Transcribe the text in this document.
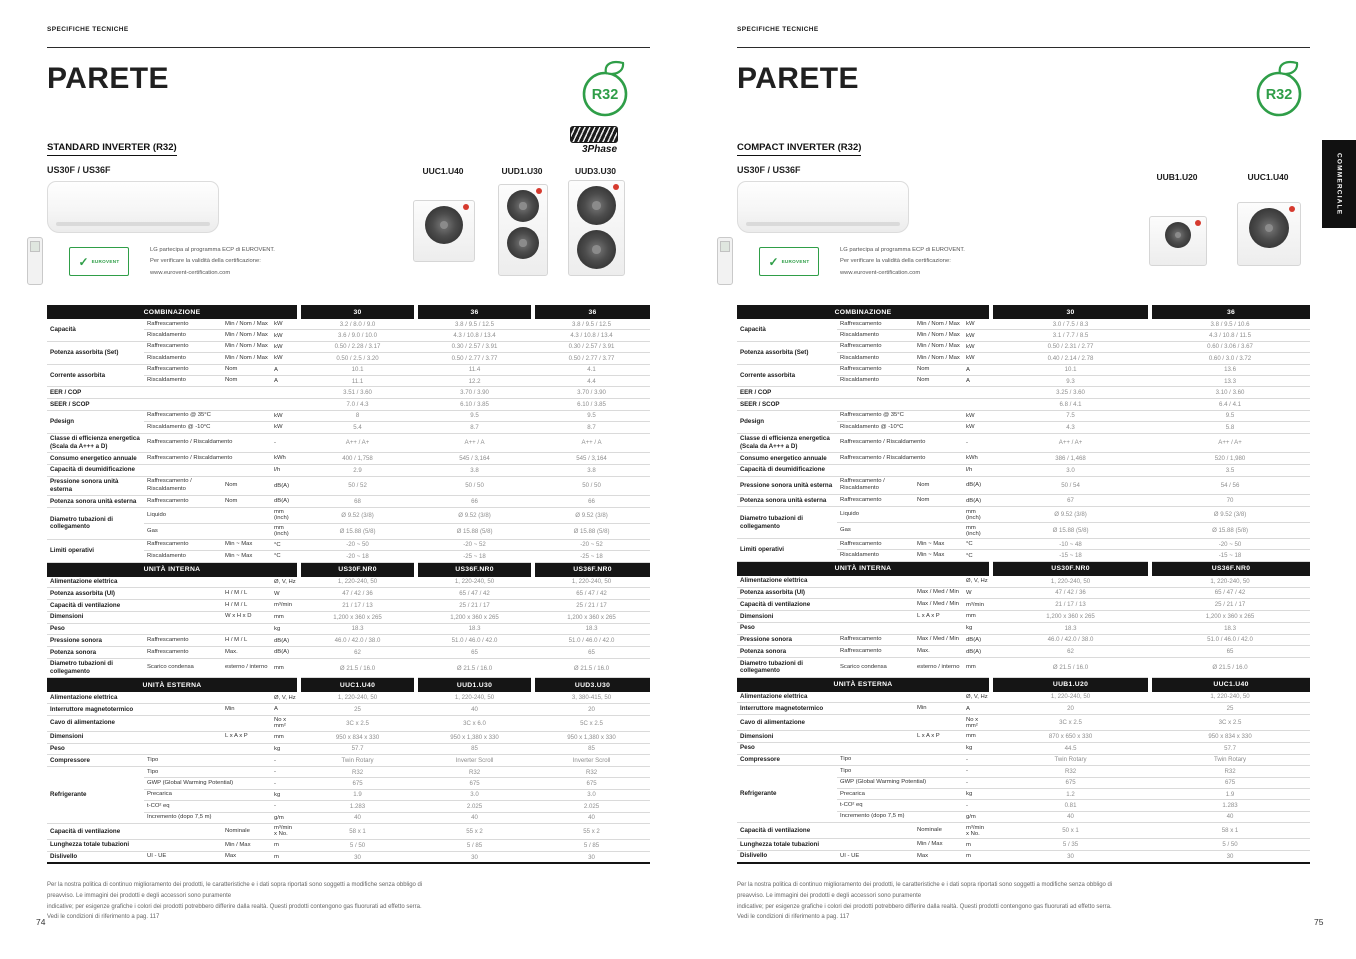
SPECIFICHE TECNICHE
PARETE	R32
3Phase
STANDARD INVERTER (R32)
US30F / US36F
✓ EUROVENT
LG partecipa al programma ECP di EUROVENT.
Per verificare la validità della certificazione:
www.eurovent-certification.com
UUC1.U40	UUD1.U30	UUD3.U30
COMBINAZIONE				30	36	36
Capacità	Raffrescamento	Min / Nom / Max	kW	3.2 / 8.0 / 9.0	3.8 / 9.5 / 12.5	3.8 / 9.5 / 12.5
	Riscaldamento	Min / Nom / Max	kW	3.6 / 9.0 / 10.0	4.3 / 10.8 / 13.4	4.3 / 10.8 / 13.4
Potenza assorbita (Set)	Raffrescamento	Min / Nom / Max	kW	0.50 / 2.28 / 3.17	0.30 / 2.57 / 3.91	0.30 / 2.57 / 3.91
	Riscaldamento	Min / Nom / Max	kW	0.50 / 2.5 / 3.20	0.50 / 2.77 / 3.77	0.50 / 2.77 / 3.77
Corrente assorbita	Raffrescamento	Nom	A	10.1	11.4	4.1
	Riscaldamento	Nom	A	11.1	12.2	4.4
EER / COP				3.51 / 3.60	3.70 / 3.90	3.70 / 3.90
SEER / SCOP				7.0 / 4.3	6.10 / 3.85	6.10 / 3.85
Pdesign	Raffrescamento @ 35°C		kW	8	9.5	9.5
	Riscaldamento @ -10°C		kW	5.4	8.7	8.7
Classe di efficienza energetica (Scala da A+++ a D)	Raffrescamento / Riscaldamento		-	A++ / A+	A++ / A	A++ / A
Consumo energetico annuale	Raffrescamento / Riscaldamento		kWh	400 / 1,758	545 / 3,164	545 / 3,164
Capacità di deumidificazione			l/h	2.9	3.8	3.8
Pressione sonora unità esterna	Raffrescamento / Riscaldamento	Nom	dB(A)	50 / 52	50 / 50	50 / 50
Potenza sonora unità esterna	Raffrescamento	Nom	dB(A)	68	66	66
Diametro tubazioni di collegamento	Liquido		mm (inch)	Ø 9.52 (3/8)	Ø 9.52 (3/8)	Ø 9.52 (3/8)
	Gas		mm (inch)	Ø 15.88 (5/8)	Ø 15.88 (5/8)	Ø 15.88 (5/8)
Limiti operativi	Raffrescamento	Min ~ Max	°C	-20 ~ 50	-20 ~ 52	-20 ~ 52
	Riscaldamento	Min ~ Max	°C	-20 ~ 18	-25 ~ 18	-25 ~ 18
UNITÀ INTERNA				US30F.NR0	US36F.NR0	US36F.NR0
Alimentazione elettrica			Ø, V, Hz	1, 220-240, 50	1, 220-240, 50	1, 220-240, 50
Potenza assorbita (UI)		H / M / L	W	47 / 42 / 36	65 / 47 / 42	65 / 47 / 42
Capacità di ventilazione		H / M / L	m³/min	21 / 17 / 13	25 / 21 / 17	25 / 21 / 17
Dimensioni		W x H x D	mm	1,200 x 360 x 265	1,200 x 360 x 265	1,200 x 360 x 265
Peso			kg	18.3	18.3	18.3
Pressione sonora	Raffrescamento	H / M / L	dB(A)	46.0 / 42.0 / 38.0	51.0 / 46.0 / 42.0	51.0 / 46.0 / 42.0
Potenza sonora	Raffrescamento	Max.	dB(A)	62	65	65
Diametro tubazioni di collegamento	Scarico condensa	esterno / interno	mm	Ø 21.5 / 16.0	Ø 21.5 / 16.0	Ø 21.5 / 16.0
UNITÀ ESTERNA				UUC1.U40	UUD1.U30	UUD3.U30
Alimentazione elettrica			Ø, V, Hz	1, 220-240, 50	1, 220-240, 50	3, 380-415, 50
Interruttore magnetotermico		Min	A	25	40	20
Cavo di alimentazione			No x mm²	3C x 2.5	3C x 6.0	5C x 2.5
Dimensioni		L x A x P	mm	950 x 834 x 330	950 x 1,380 x 330	950 x 1,380 x 330
Peso			kg	57.7	85	85
Compressore	Tipo		-	Twin Rotary	Inverter Scroll	Inverter Scroll
Refrigerante	Tipo		-	R32	R32	R32
	GWP (Global Warming Potential)		-	675	675	675
	Precarica		kg	1.9	3.0	3.0
	t-CO² eq		-	1.283	2.025	2.025
	Incremento (dopo 7,5 m)		g/m	40	40	40
Capacità di ventilazione		Nominale	m³/min x No.	58 x 1	55 x 2	55 x 2
Lunghezza totale tubazioni		Min / Max	m	5 / 50	5 / 85	5 / 85
Dislivello	UI - UE	Max	m	30	30	30
Per la nostra politica di continuo miglioramento dei prodotti, le caratteristiche e i dati sopra riportati sono soggetti a modifiche senza obbligo di
preavviso. Le immagini dei prodotti e degli accessori sono puramente
indicative; per esigenze grafiche i colori dei prodotti potrebbero differire dalla realtà. Questi prodotti contengono gas fluorurati ad effetto serra.
Vedi le condizioni di riferimento a pag. 117
74
SPECIFICHE TECNICHE
PARETE	R32
COMPACT INVERTER (R32)
US30F / US36F
✓ EUROVENT
LG partecipa al programma ECP di EUROVENT.
Per verificare la validità della certificazione:
www.eurovent-certification.com
UUB1.U20	UUC1.U40
COMBINAZIONE				30	36
Capacità	Raffrescamento	Min / Nom / Max	kW	3.0 / 7.5 / 8.3	3.8 / 9.5 / 10.6
	Riscaldamento	Min / Nom / Max	kW	3.1 / 7.7 / 8.5	4.3 / 10.8 / 11.5
Potenza assorbita (Set)	Raffrescamento	Min / Nom / Max	kW	0.50 / 2.31 / 2.77	0.60 / 3.06 / 3.67
	Riscaldamento	Min / Nom / Max	kW	0.40 / 2.14 / 2.78	0.60 / 3.0 / 3.72
Corrente assorbita	Raffrescamento	Nom	A	10.1	13.6
	Riscaldamento	Nom	A	9.3	13.3
EER / COP				3.25 / 3.60	3.10 / 3.60
SEER / SCOP				6.8 / 4.1	6.4 / 4.1
Pdesign	Raffrescamento @ 35°C		kW	7.5	9.5
	Riscaldamento @ -10°C		kW	4.3	5.8
Classe di efficienza energetica (Scala da A+++ a D)	Raffrescamento / Riscaldamento		-	A++ / A+	A++ / A+
Consumo energetico annuale	Raffrescamento / Riscaldamento		kWh	386 / 1,468	520 / 1,980
Capacità di deumidificazione			l/h	3.0	3.5
Pressione sonora unità esterna	Raffrescamento / Riscaldamento	Nom	dB(A)	50 / 54	54 / 56
Potenza sonora unità esterna	Raffrescamento	Nom	dB(A)	67	70
Diametro tubazioni di collegamento	Liquido		mm (inch)	Ø 9.52 (3/8)	Ø 9.52 (3/8)
	Gas		mm (inch)	Ø 15.88 (5/8)	Ø 15.88 (5/8)
Limiti operativi	Raffrescamento	Min ~ Max	°C	-10 ~ 48	-20 ~ 50
	Riscaldamento	Min ~ Max	°C	-15 ~ 18	-15 ~ 18
UNITÀ INTERNA				US30F.NR0	US36F.NR0
Alimentazione elettrica			Ø, V, Hz	1, 220-240, 50	1, 220-240, 50
Potenza assorbita (UI)		Max / Med / Min	W	47 / 42 / 36	65 / 47 / 42
Capacità di ventilazione		Max / Med / Min	m³/min	21 / 17 / 13	25 / 21 / 17
Dimensioni		L x A x P	mm	1,200 x 360 x 265	1,200 x 360 x 265
Peso			kg	18.3	18.3
Pressione sonora	Raffrescamento	Max / Med / Min	dB(A)	46.0 / 42.0 / 38.0	51.0 / 46.0 / 42.0
Potenza sonora	Raffrescamento	Max.	dB(A)	62	65
Diametro tubazioni di collegamento	Scarico condensa	esterno / interno	mm	Ø 21.5 / 16.0	Ø 21.5 / 16.0
UNITÀ ESTERNA				UUB1.U20	UUC1.U40
Alimentazione elettrica			Ø, V, Hz	1, 220-240, 50	1, 220-240, 50
Interruttore magnetotermico		Min	A	20	25
Cavo di alimentazione			No x mm²	3C x 2.5	3C x 2.5
Dimensioni		L x A x P	mm	870 x 650 x 330	950 x 834 x 330
Peso			kg	44.5	57.7
Compressore	Tipo		-	Twin Rotary	Twin Rotary
Refrigerante	Tipo		-	R32	R32
	GWP (Global Warming Potential)		-	675	675
	Precarica		kg	1.2	1.9
	t-CO² eq		-	0.81	1.283
	Incremento (dopo 7,5 m)		g/m	40	40
Capacità di ventilazione		Nominale	m³/min x No.	50 x 1	58 x 1
Lunghezza totale tubazioni		Min / Max	m	5 / 35	5 / 50
Dislivello	UI - UE	Max	m	30	30
Per la nostra politica di continuo miglioramento dei prodotti, le caratteristiche e i dati sopra riportati sono soggetti a modifiche senza obbligo di
preavviso. Le immagini dei prodotti e degli accessori sono puramente
indicative; per esigenze grafiche i colori dei prodotti potrebbero differire dalla realtà. Questi prodotti contengono gas fluorurati ad effetto serra.
Vedi le condizioni di riferimento a pag. 117	75
COMMERCIALE
